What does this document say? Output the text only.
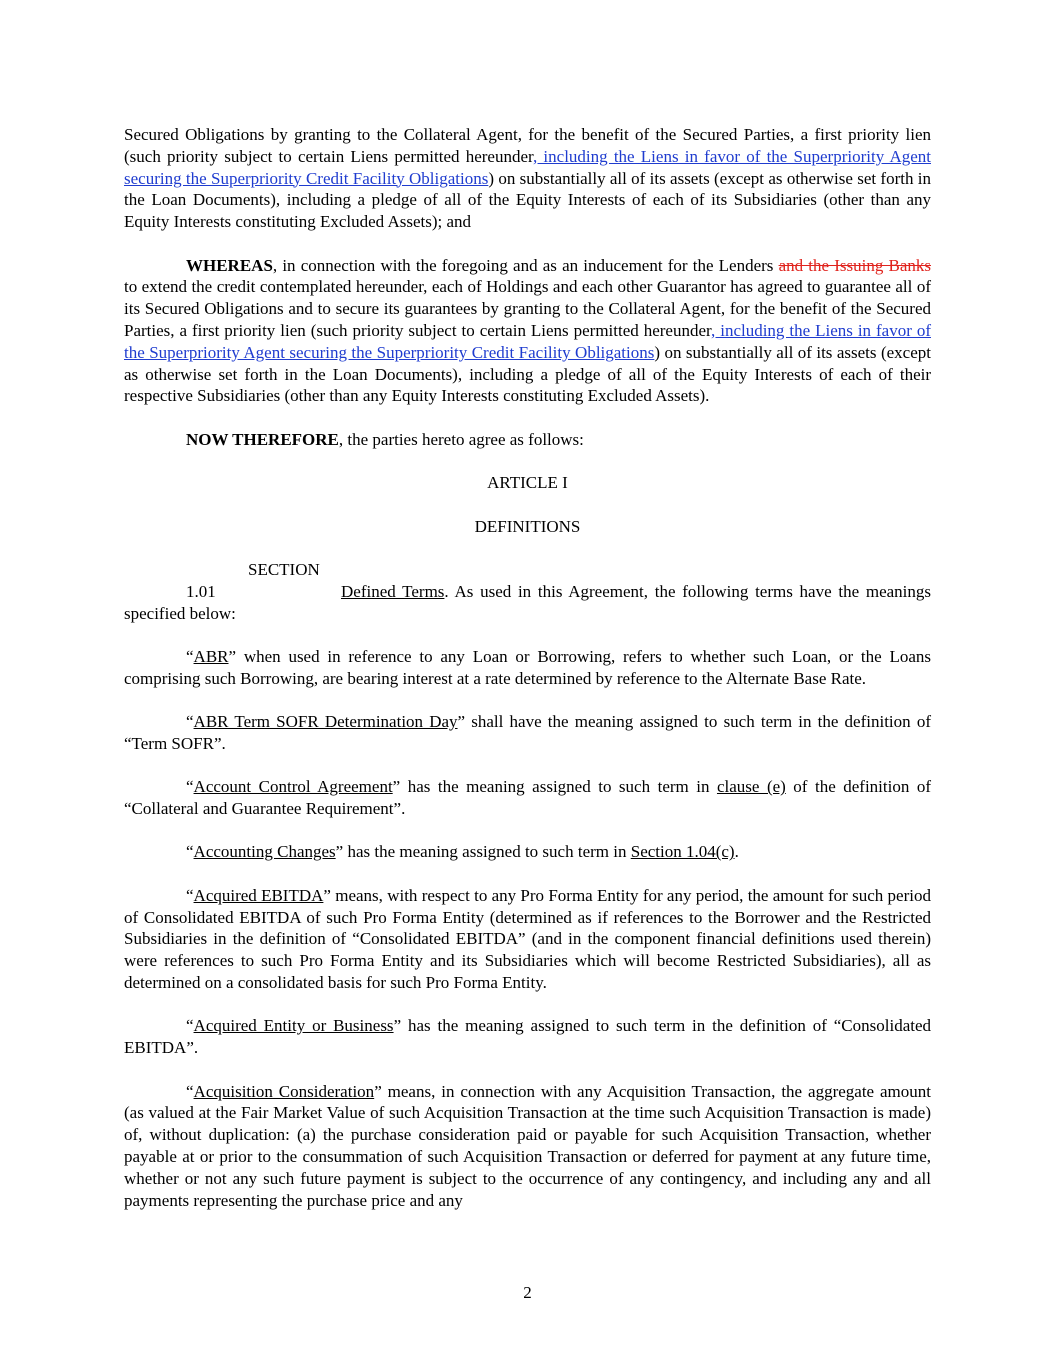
Secured Obligations by granting to the Collateral Agent, for the benefit of the Secured Parties, a first priority lien (such priority subject to certain Liens permitted hereunder, including the Liens in favor of the Superpriority Agent securing the Superpriority Credit Facility Obligations) on substantially all of its assets (except as otherwise set forth in the Loan Documents), including a pledge of all of the Equity Interests of each of its Subsidiaries (other than any Equity Interests constituting Excluded Assets); and

WHEREAS, in connection with the foregoing and as an inducement for the Lenders and the Issuing Banks to extend the credit contemplated hereunder, each of Holdings and each other Guarantor has agreed to guarantee all of its Secured Obligations and to secure its guarantees by granting to the Collateral Agent, for the benefit of the Secured Parties, a first priority lien (such priority subject to certain Liens permitted hereunder, including the Liens in favor of the Superpriority Agent securing the Superpriority Credit Facility Obligations) on substantially all of its assets (except as otherwise set forth in the Loan Documents), including a pledge of all of the Equity Interests of each of their respective Subsidiaries (other than any Equity Interests constituting Excluded Assets).

NOW THEREFORE, the parties hereto agree as follows:

ARTICLE I

DEFINITIONS

SECTION 1.01	Defined Terms. As used in this Agreement, the following terms have the meanings specified below:

“ABR” when used in reference to any Loan or Borrowing, refers to whether such Loan, or the Loans comprising such Borrowing, are bearing interest at a rate determined by reference to the Alternate Base Rate.

“ABR Term SOFR Determination Day” shall have the meaning assigned to such term in the definition of “Term SOFR”.

“Account Control Agreement” has the meaning assigned to such term in clause (e) of the definition of “Collateral and Guarantee Requirement”.

“Accounting Changes” has the meaning assigned to such term in Section 1.04(c).

“Acquired EBITDA” means, with respect to any Pro Forma Entity for any period, the amount for such period of Consolidated EBITDA of such Pro Forma Entity (determined as if references to the Borrower and the Restricted Subsidiaries in the definition of “Consolidated EBITDA” (and in the component financial definitions used therein) were references to such Pro Forma Entity and its Subsidiaries which will become Restricted Subsidiaries), all as determined on a consolidated basis for such Pro Forma Entity.

“Acquired Entity or Business” has the meaning assigned to such term in the definition of “Consolidated EBITDA”.

“Acquisition Consideration” means, in connection with any Acquisition Transaction, the aggregate amount (as valued at the Fair Market Value of such Acquisition Transaction at the time such Acquisition Transaction is made) of, without duplication: (a) the purchase consideration paid or payable for such Acquisition Transaction, whether payable at or prior to the consummation of such Acquisition Transaction or deferred for payment at any future time, whether or not any such future payment is subject to the occurrence of any contingency, and including any and all payments representing the purchase price and any

2
